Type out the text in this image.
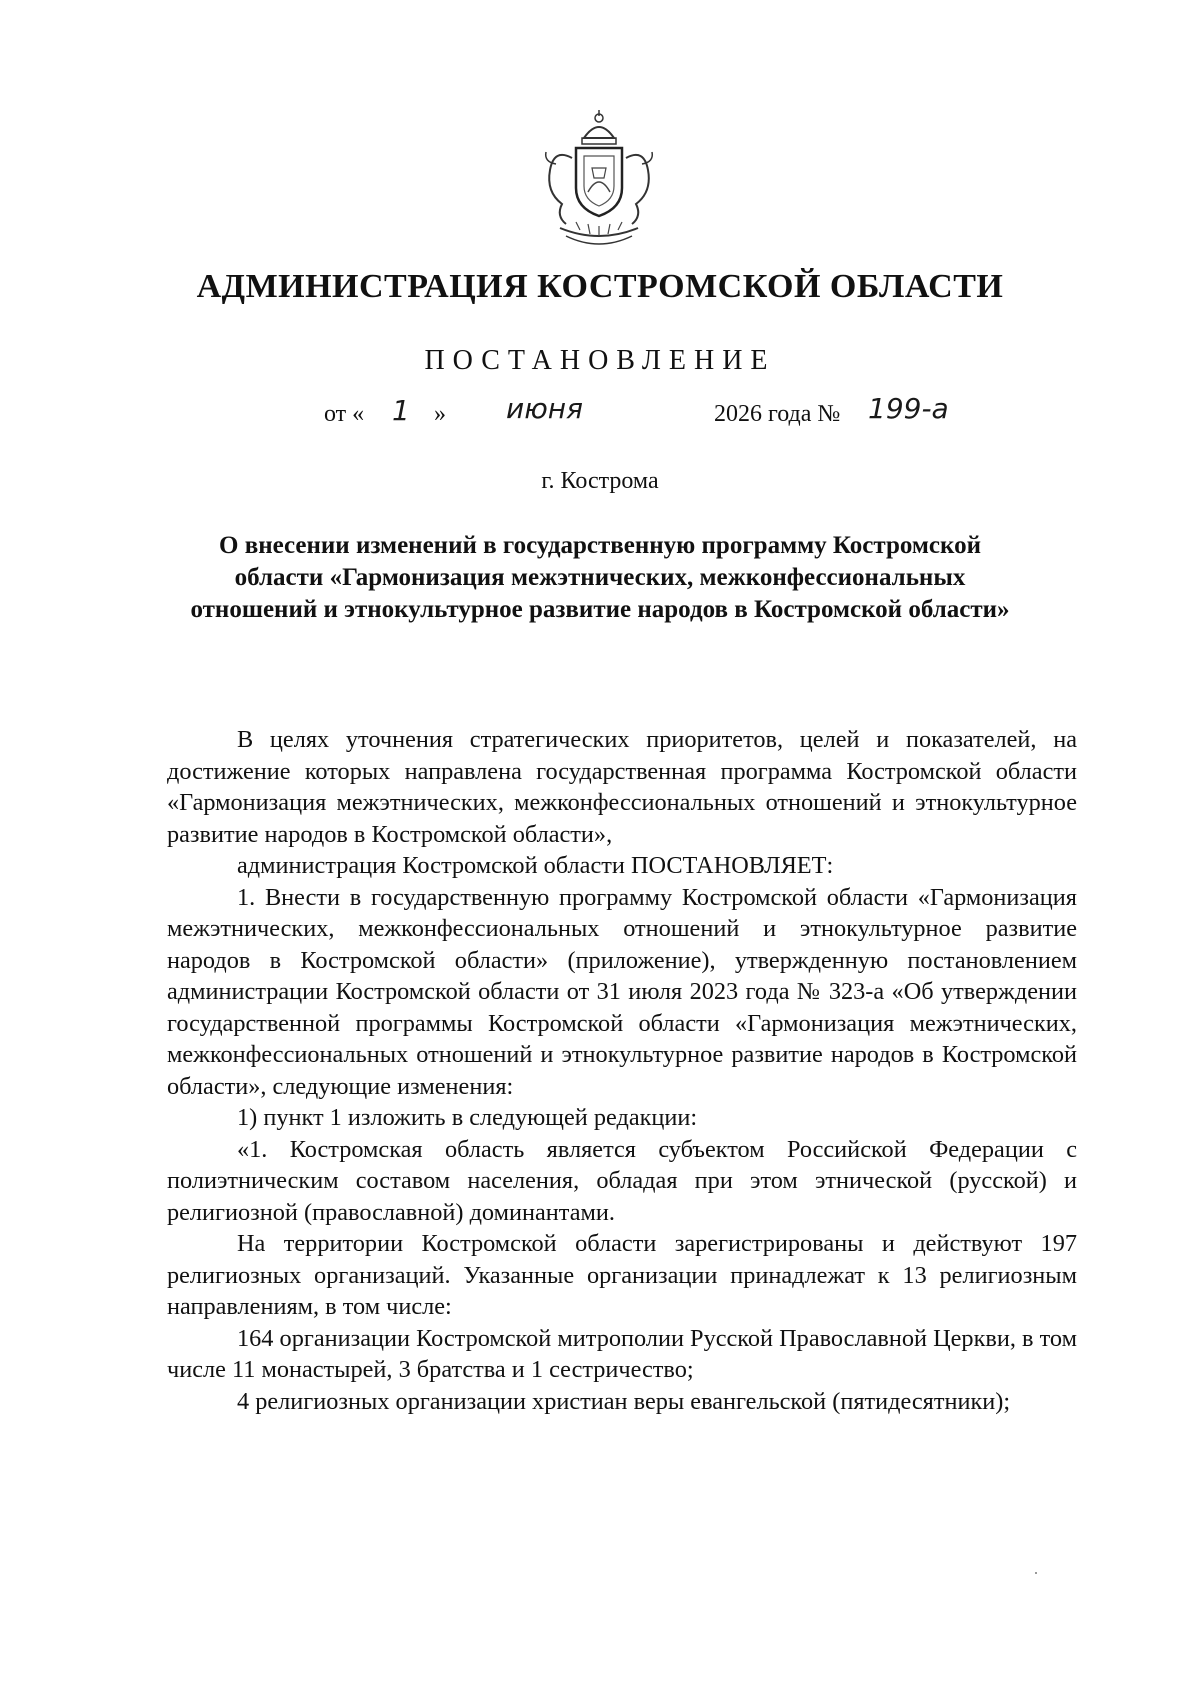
АДМИНИСТРАЦИЯ КОСТРОМСКОЙ ОБЛАСТИ
ПОСТАНОВЛЕНИЕ
от « 1 » июня	2026 года № 199-а
г. Кострома
О внесении изменений в государственную программу Костромской области «Гармонизация межэтнических, межконфессиональных отношений и этнокультурное развитие народов в Костромской области»

В целях уточнения стратегических приоритетов, целей и показателей, на достижение которых направлена государственная программа Костромской области «Гармонизация межэтнических, межконфессиональных отношений и этнокультурное развитие народов в Костромской области»,

администрация Костромской области ПОСТАНОВЛЯЕТ:

1. Внести в государственную программу Костромской области «Гармонизация межэтнических, межконфессиональных отношений и этнокультурное развитие народов в Костромской области» (приложение), утвержденную постановлением администрации Костромской области от 31 июля 2023 года № 323-а «Об утверждении государственной программы Костромской области «Гармонизация межэтнических, межконфессиональных отношений и этнокультурное развитие народов в Костромской области», следующие изменения:

1) пункт 1 изложить в следующей редакции:

«1. Костромская область является субъектом Российской Федерации с полиэтническим составом населения, обладая при этом этнической (русской) и религиозной (православной) доминантами.

На территории Костромской области зарегистрированы и действуют 197 религиозных организаций. Указанные организации принадлежат к 13 религиозным направлениям, в том числе:

164 организации Костромской митрополии Русской Православной Церкви, в том числе 11 монастырей, 3 братства и 1 сестричество;

4 религиозных организации христиан веры евангельской (пятидесятники);
